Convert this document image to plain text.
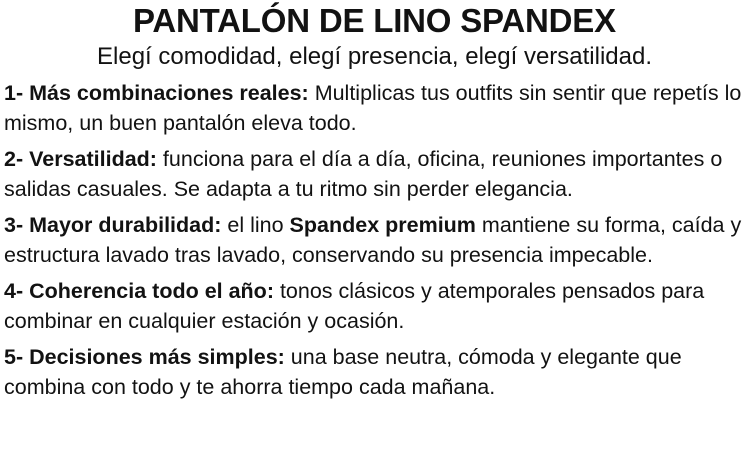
PANTALÓN DE LINO SPANDEX

Elegí comodidad, elegí presencia, elegí versatilidad.

1- Más combinaciones reales: Multiplicas tus outfits sin sentir que repetís lo mismo, un buen pantalón eleva todo.

2- Versatilidad: funciona para el día a día, oficina, reuniones importantes o salidas casuales. Se adapta a tu ritmo sin perder elegancia.

3- Mayor durabilidad: el lino Spandex premium mantiene su forma, caída y estructura lavado tras lavado, conservando su presencia impecable.

4- Coherencia todo el año: tonos clásicos y atemporales pensados para combinar en cualquier estación y ocasión.

5- Decisiones más simples: una base neutra, cómoda y elegante que combina con todo y te ahorra tiempo cada mañana.
